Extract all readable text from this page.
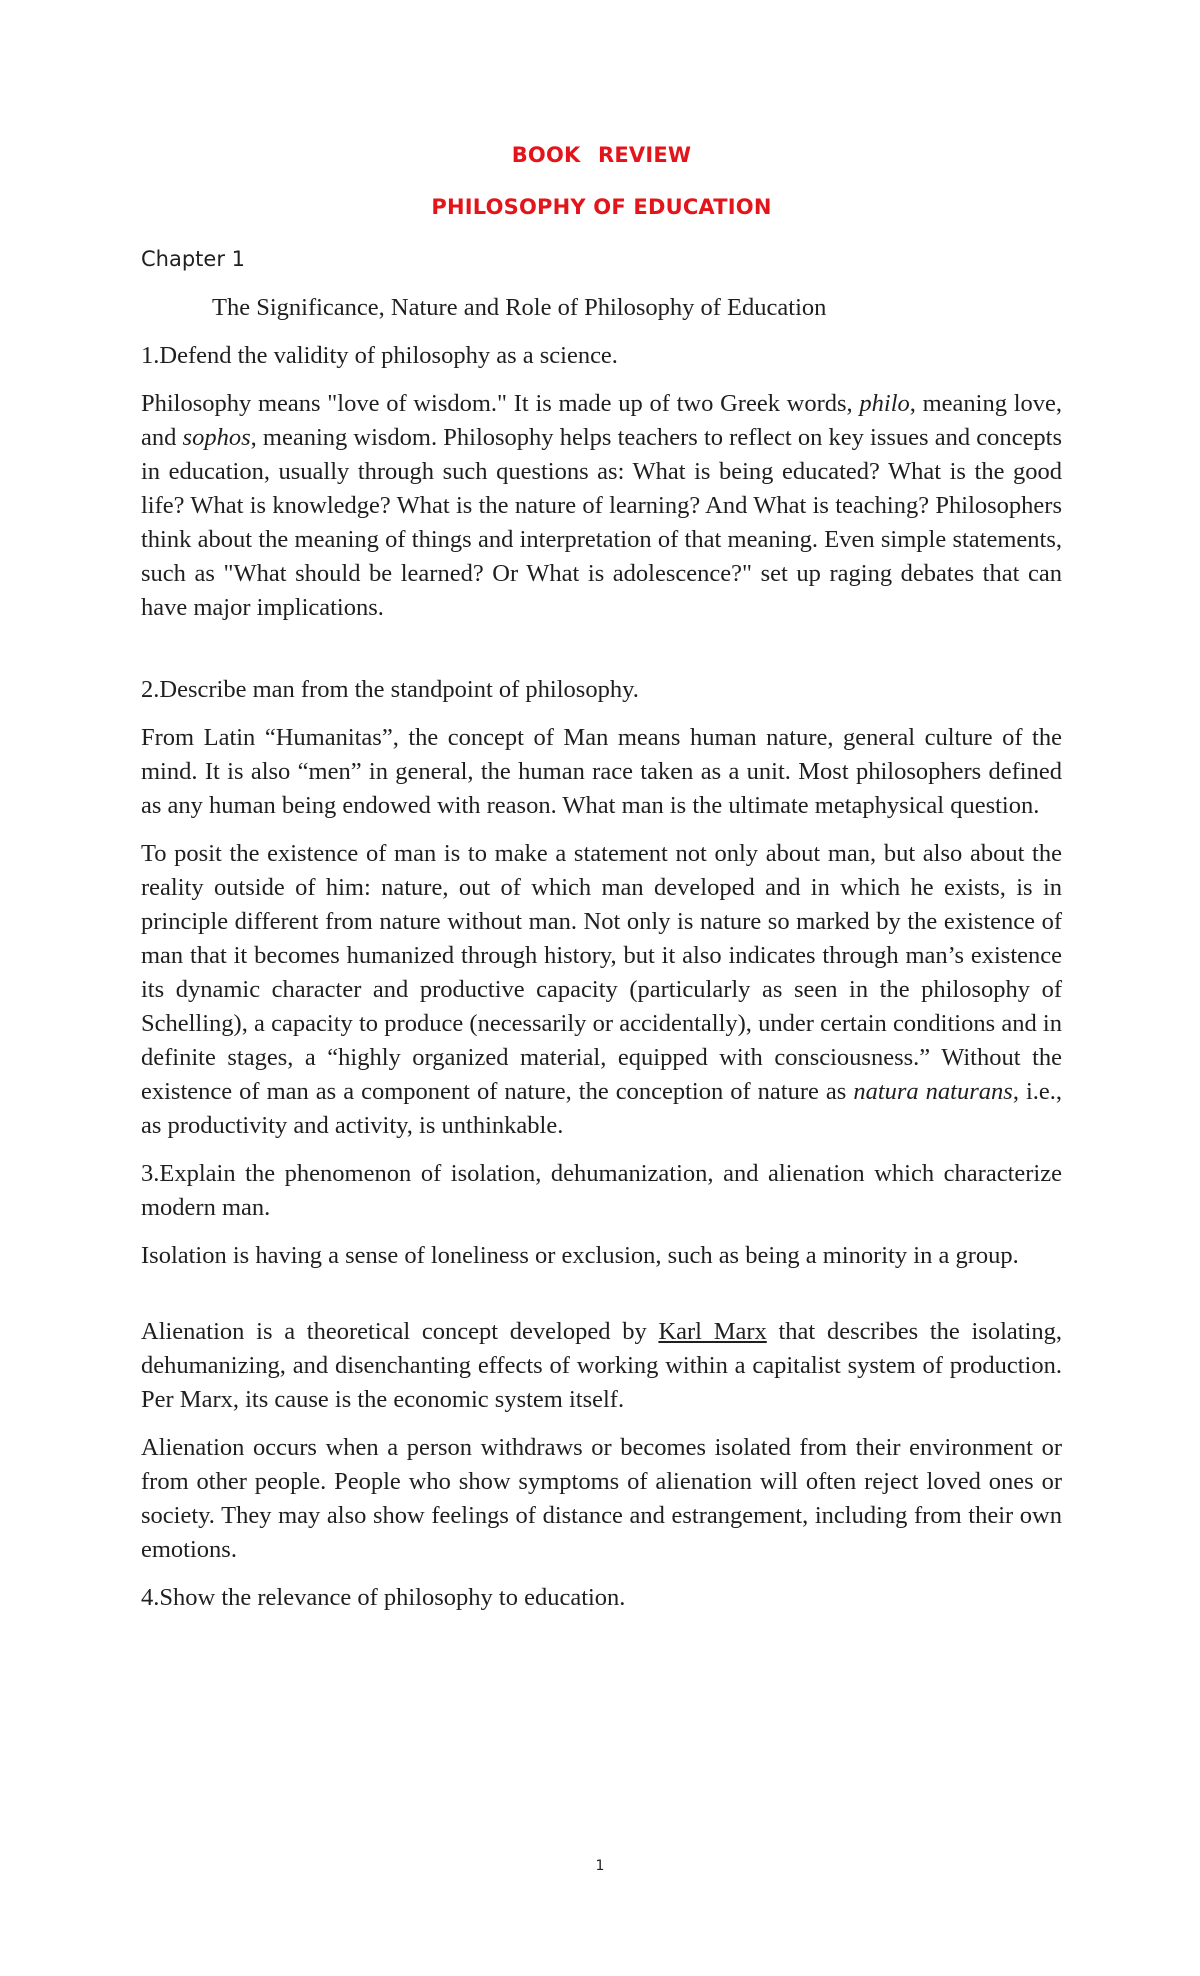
BOOK REVIEW

PHILOSOPHY OF EDUCATION

Chapter 1

The Significance, Nature and Role of Philosophy of Education

1.Defend the validity of philosophy as a science.

Philosophy means "love of wisdom." It is made up of two Greek words, philo, meaning love, and sophos, meaning wisdom. Philosophy helps teachers to reflect on key issues and concepts in education, usually through such questions as: What is being educated? What is the good life? What is knowledge? What is the nature of learning? And What is teaching? Philosophers think about the meaning of things and interpretation of that meaning. Even simple statements, such as "What should be learned? Or What is adolescence?" set up raging debates that can have major implications.

2.Describe man from the standpoint of philosophy.

From Latin “Humanitas”, the concept of Man means human nature, general culture of the mind. It is also “men” in general, the human race taken as a unit. Most philosophers defined as any human being endowed with reason. What man is the ultimate metaphysical question.

To posit the existence of man is to make a statement not only about man, but also about the reality outside of him: nature, out of which man developed and in which he exists, is in principle different from nature without man. Not only is nature so marked by the existence of man that it becomes humanized through history, but it also indicates through man’s existence its dynamic character and productive capacity (particularly as seen in the philosophy of Schelling), a capacity to produce (necessarily or accidentally), under certain conditions and in definite stages, a “highly organized material, equipped with consciousness.” Without the existence of man as a component of nature, the conception of nature as natura naturans, i.e., as productivity and activity, is unthinkable.

3.Explain the phenomenon of isolation, dehumanization, and alienation which characterize modern man.

Isolation is having a sense of loneliness or exclusion, such as being a minority in a group.

Alienation is a theoretical concept developed by Karl Marx that describes the isolating, dehumanizing, and disenchanting effects of working within a capitalist system of production. Per Marx, its cause is the economic system itself.

Alienation occurs when a person withdraws or becomes isolated from their environment or from other people. People who show symptoms of alienation will often reject loved ones or society. They may also show feelings of distance and estrangement, including from their own emotions.

4.Show the relevance of philosophy to education.

1
